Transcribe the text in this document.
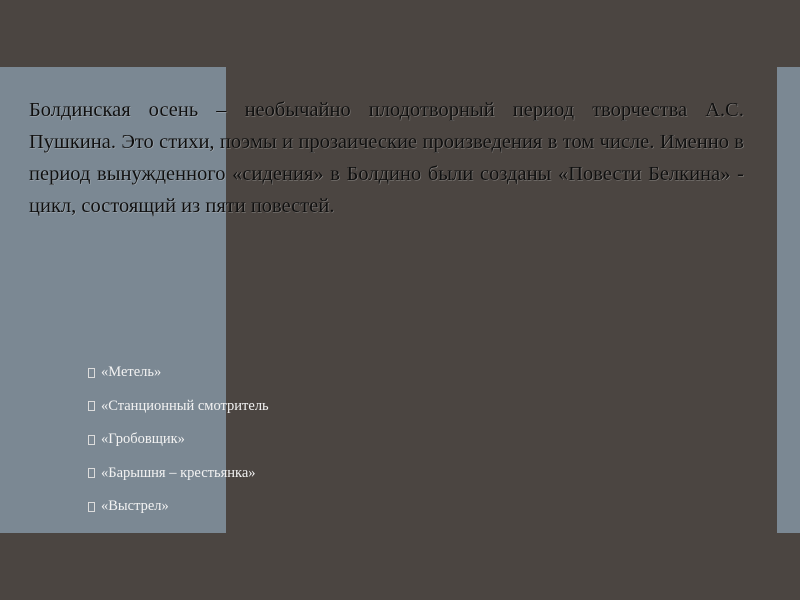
Болдинская осень – необычайно плодотворный период творчества А.С. Пушкина. Это стихи, поэмы и прозаические произведения в том числе. Именно в период вынужденного «сидения» в Болдино были созданы «Повести Белкина» - цикл, состоящий из пяти повестей.

«Метель»
«Станционный смотритель
«Гробовщик»
«Барышня – крестьянка»
«Выстрел»
